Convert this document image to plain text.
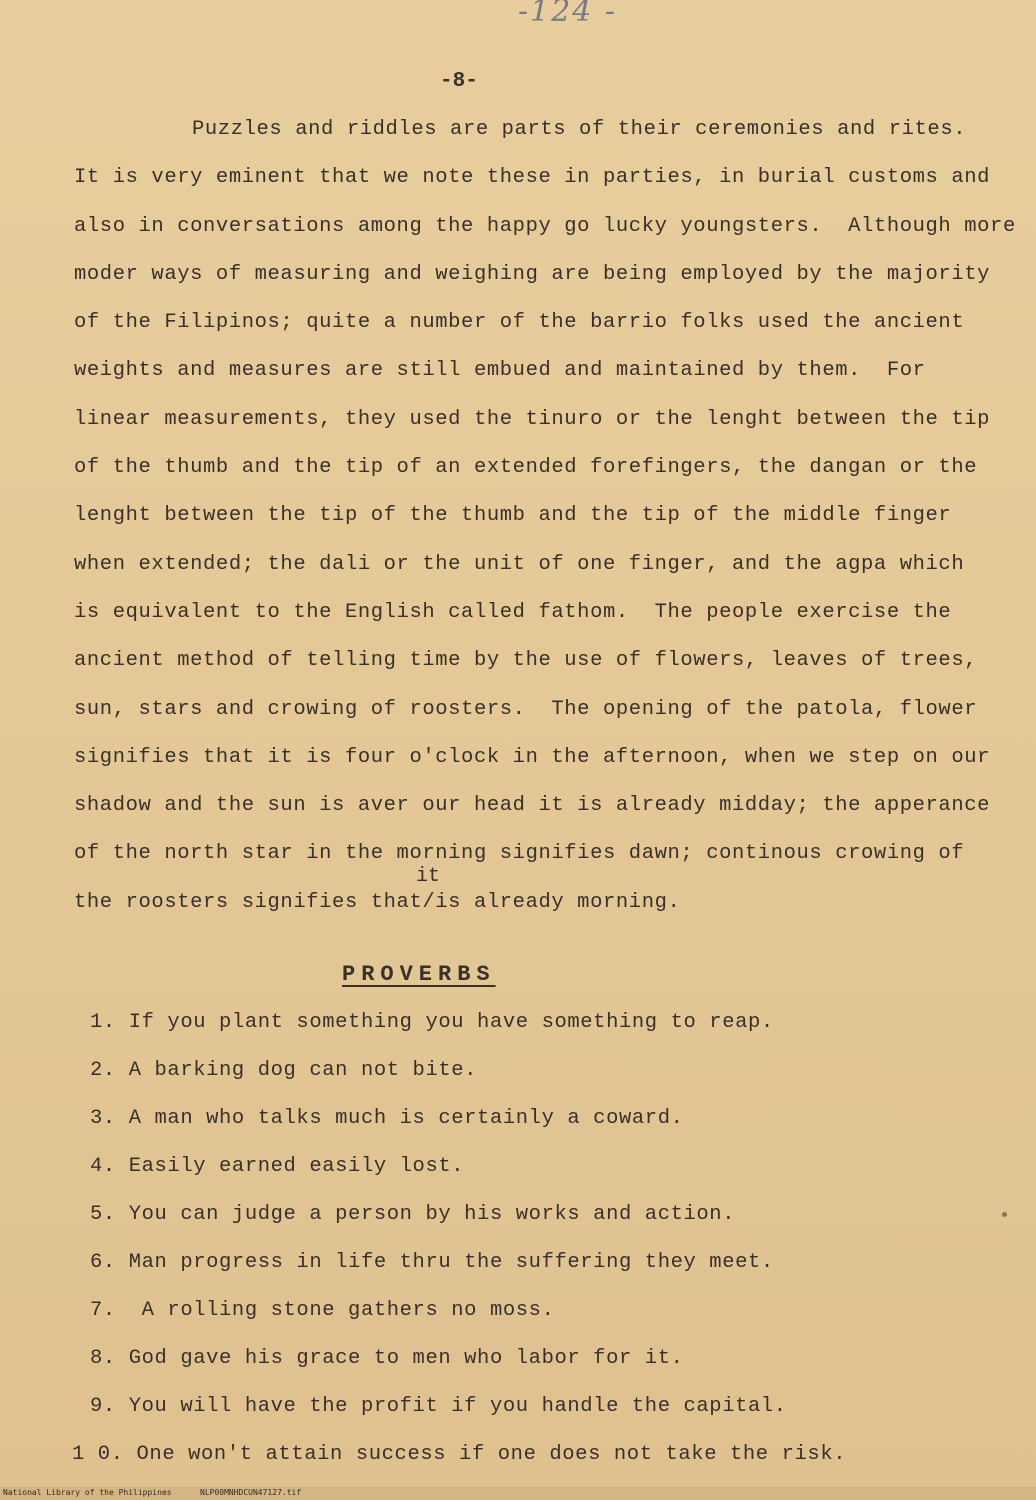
-124 -
-8-
Puzzles and riddles are parts of their ceremonies and rites.
It is very eminent that we note these in parties, in burial customs and
also in conversations among the happy go lucky youngsters.  Although more
moder ways of measuring and weighing are being employed by the majority
of the Filipinos; quite a number of the barrio folks used the ancient
weights and measures are still embued and maintained by them.  For
linear measurements, they used the tinuro or the lenght between the tip
of the thumb and the tip of an extended forefingers, the dangan or the
lenght between the tip of the thumb and the tip of the middle finger
when extended; the dali or the unit of one finger, and the agpa which
is equivalent to the English called fathom.  The people exercise the
ancient method of telling time by the use of flowers, leaves of trees,
sun, stars and crowing of roosters.  The opening of the patola, flower
signifies that it is four o'clock in the afternoon, when we step on our
shadow and the sun is aver our head it is already midday; the apperance
of the north star in the morning signifies dawn; continous crowing of
the roosters signifies that/is already morning.
it
PROVERBS
1. If you plant something you have something to reap.
2. A barking dog can not bite.
3. A man who talks much is certainly a coward.
4. Easily earned easily lost.
5. You can judge a person by his works and action.
6. Man progress in life thru the suffering they meet.
7.  A rolling stone gathers no moss.
8. God gave his grace to men who labor for it.
9. You will have the profit if you handle the capital.
1 0. One won't attain success if one does not take the risk.
National Library of the Philippines	NLP00MNHDCUN47127.tif
